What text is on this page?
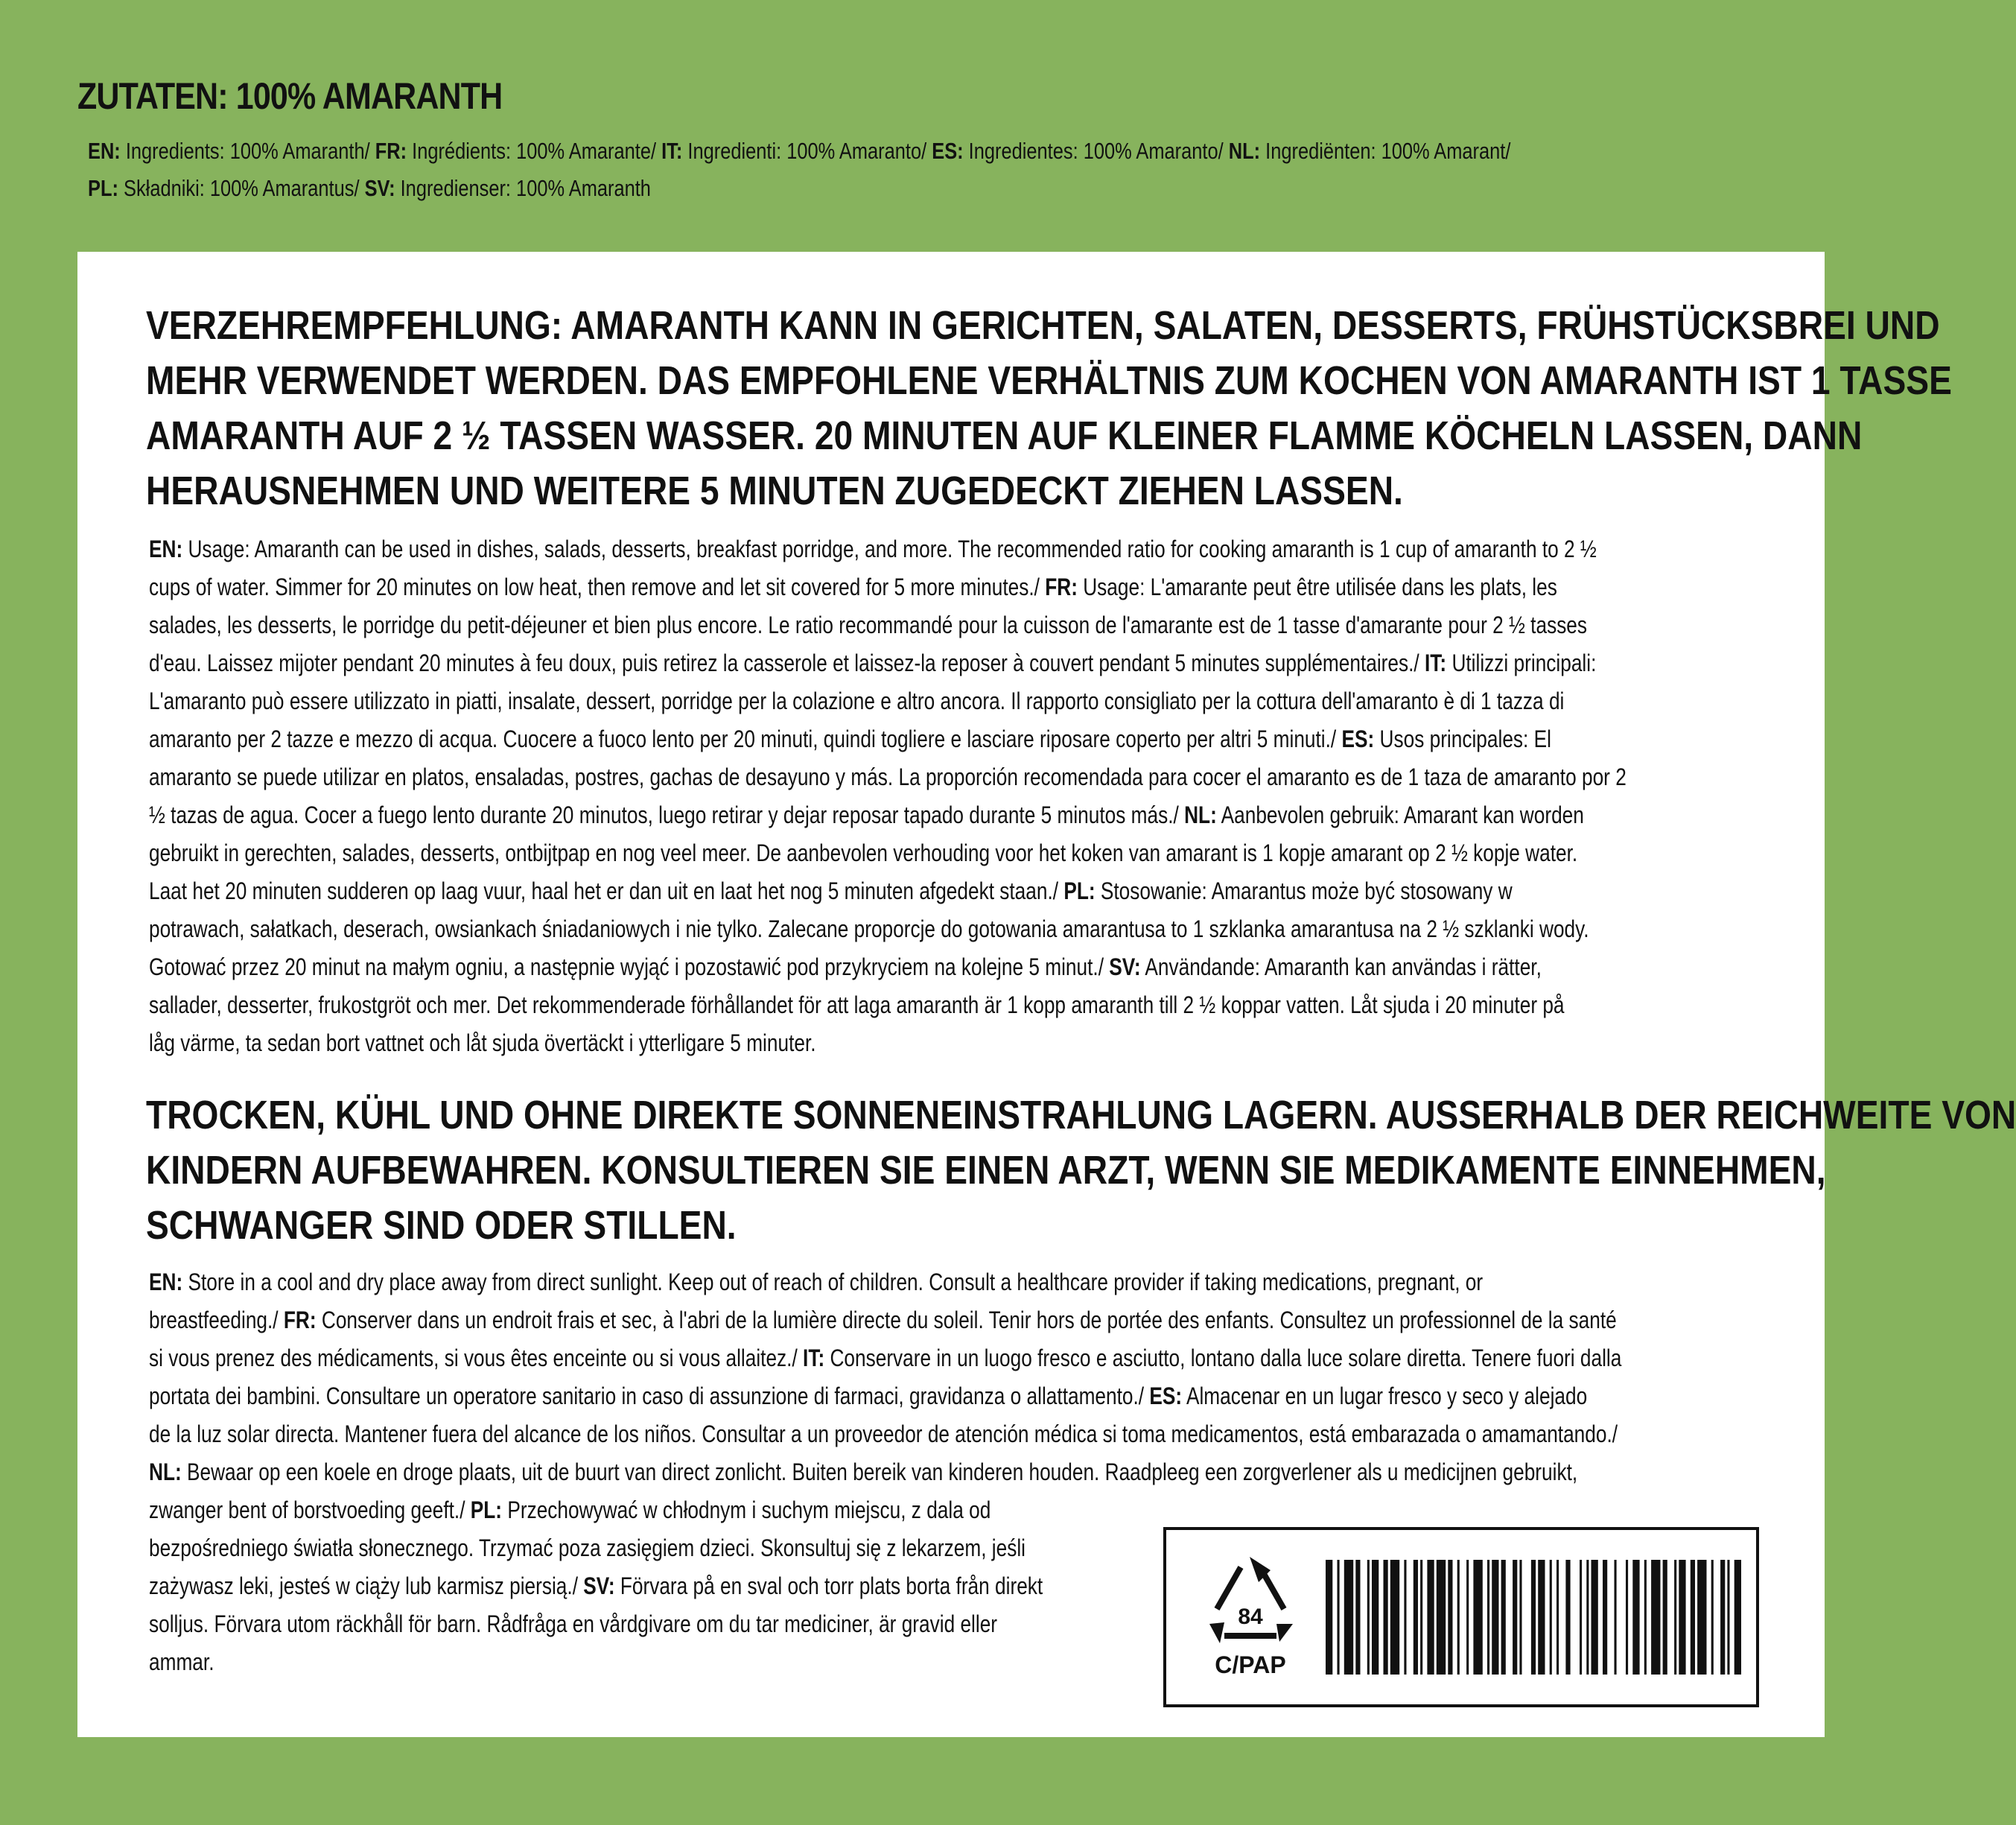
ZUTATEN: 100% AMARANTH
EN: Ingredients: 100% Amaranth/ FR: Ingrédients: 100% Amarante/ IT: Ingredienti: 100% Amaranto/ ES: Ingredientes: 100% Amaranto/ NL: Ingrediënten: 100% Amarant/
PL: Składniki: 100% Amarantus/ SV: Ingredienser: 100% Amaranth
VERZEHREMPFEHLUNG: AMARANTH KANN IN GERICHTEN, SALATEN, DESSERTS, FRÜHSTÜCKSBREI UND
MEHR VERWENDET WERDEN. DAS EMPFOHLENE VERHÄLTNIS ZUM KOCHEN VON AMARANTH IST 1 TASSE
AMARANTH AUF 2 ½ TASSEN WASSER. 20 MINUTEN AUF KLEINER FLAMME KÖCHELN LASSEN, DANN
HERAUSNEHMEN UND WEITERE 5 MINUTEN ZUGEDECKT ZIEHEN LASSEN.
EN: Usage: Amaranth can be used in dishes, salads, desserts, breakfast porridge, and more. The recommended ratio for cooking amaranth is 1 cup of amaranth to 2 ½
cups of water. Simmer for 20 minutes on low heat, then remove and let sit covered for 5 more minutes./ FR: Usage: L'amarante peut être utilisée dans les plats, les
salades, les desserts, le porridge du petit-déjeuner et bien plus encore. Le ratio recommandé pour la cuisson de l'amarante est de 1 tasse d'amarante pour 2 ½ tasses
d'eau. Laissez mijoter pendant 20 minutes à feu doux, puis retirez la casserole et laissez-la reposer à couvert pendant 5 minutes supplémentaires./ IT: Utilizzi principali:
L'amaranto può essere utilizzato in piatti, insalate, dessert, porridge per la colazione e altro ancora. Il rapporto consigliato per la cottura dell'amaranto è di 1 tazza di
amaranto per 2 tazze e mezzo di acqua. Cuocere a fuoco lento per 20 minuti, quindi togliere e lasciare riposare coperto per altri 5 minuti./ ES: Usos principales: El
amaranto se puede utilizar en platos, ensaladas, postres, gachas de desayuno y más. La proporción recomendada para cocer el amaranto es de 1 taza de amaranto por 2
½ tazas de agua. Cocer a fuego lento durante 20 minutos, luego retirar y dejar reposar tapado durante 5 minutos más./ NL: Aanbevolen gebruik: Amarant kan worden
gebruikt in gerechten, salades, desserts, ontbijtpap en nog veel meer. De aanbevolen verhouding voor het koken van amarant is 1 kopje amarant op 2 ½ kopje water.
Laat het 20 minuten sudderen op laag vuur, haal het er dan uit en laat het nog 5 minuten afgedekt staan./ PL: Stosowanie: Amarantus może być stosowany w
potrawach, sałatkach, deserach, owsiankach śniadaniowych i nie tylko. Zalecane proporcje do gotowania amarantusa to 1 szklanka amarantusa na 2 ½ szklanki wody.
Gotować przez 20 minut na małym ogniu, a następnie wyjąć i pozostawić pod przykryciem na kolejne 5 minut./ SV: Användande: Amaranth kan användas i rätter,
sallader, desserter, frukostgröt och mer. Det rekommenderade förhållandet för att laga amaranth är 1 kopp amaranth till 2 ½ koppar vatten. Låt sjuda i 20 minuter på
låg värme, ta sedan bort vattnet och låt sjuda övertäckt i ytterligare 5 minuter.
TROCKEN, KÜHL UND OHNE DIREKTE SONNENEINSTRAHLUNG LAGERN. AUSSERHALB DER REICHWEITE VON
KINDERN AUFBEWAHREN. KONSULTIEREN SIE EINEN ARZT, WENN SIE MEDIKAMENTE EINNEHMEN,
SCHWANGER SIND ODER STILLEN.
EN: Store in a cool and dry place away from direct sunlight. Keep out of reach of children. Consult a healthcare provider if taking medications, pregnant, or
breastfeeding./ FR: Conserver dans un endroit frais et sec, à l'abri de la lumière directe du soleil. Tenir hors de portée des enfants. Consultez un professionnel de la santé
si vous prenez des médicaments, si vous êtes enceinte ou si vous allaitez./ IT: Conservare in un luogo fresco e asciutto, lontano dalla luce solare diretta. Tenere fuori dalla
portata dei bambini. Consultare un operatore sanitario in caso di assunzione di farmaci, gravidanza o allattamento./ ES: Almacenar en un lugar fresco y seco y alejado
de la luz solar directa. Mantener fuera del alcance de los niños. Consultar a un proveedor de atención médica si toma medicamentos, está embarazada o amamantando./
NL: Bewaar op een koele en droge plaats, uit de buurt van direct zonlicht. Buiten bereik van kinderen houden. Raadpleeg een zorgverlener als u medicijnen gebruikt,
zwanger bent of borstvoeding geeft./ PL: Przechowywać w chłodnym i suchym miejscu, z dala od
bezpośredniego światła słonecznego. Trzymać poza zasięgiem dzieci. Skonsultuj się z lekarzem, jeśli
zażywasz leki, jesteś w ciąży lub karmisz piersią./ SV: Förvara på en sval och torr plats borta från direkt
solljus. Förvara utom räckhåll för barn. Rådfråga en vårdgivare om du tar mediciner, är gravid eller
ammar.
84
C/PAP
